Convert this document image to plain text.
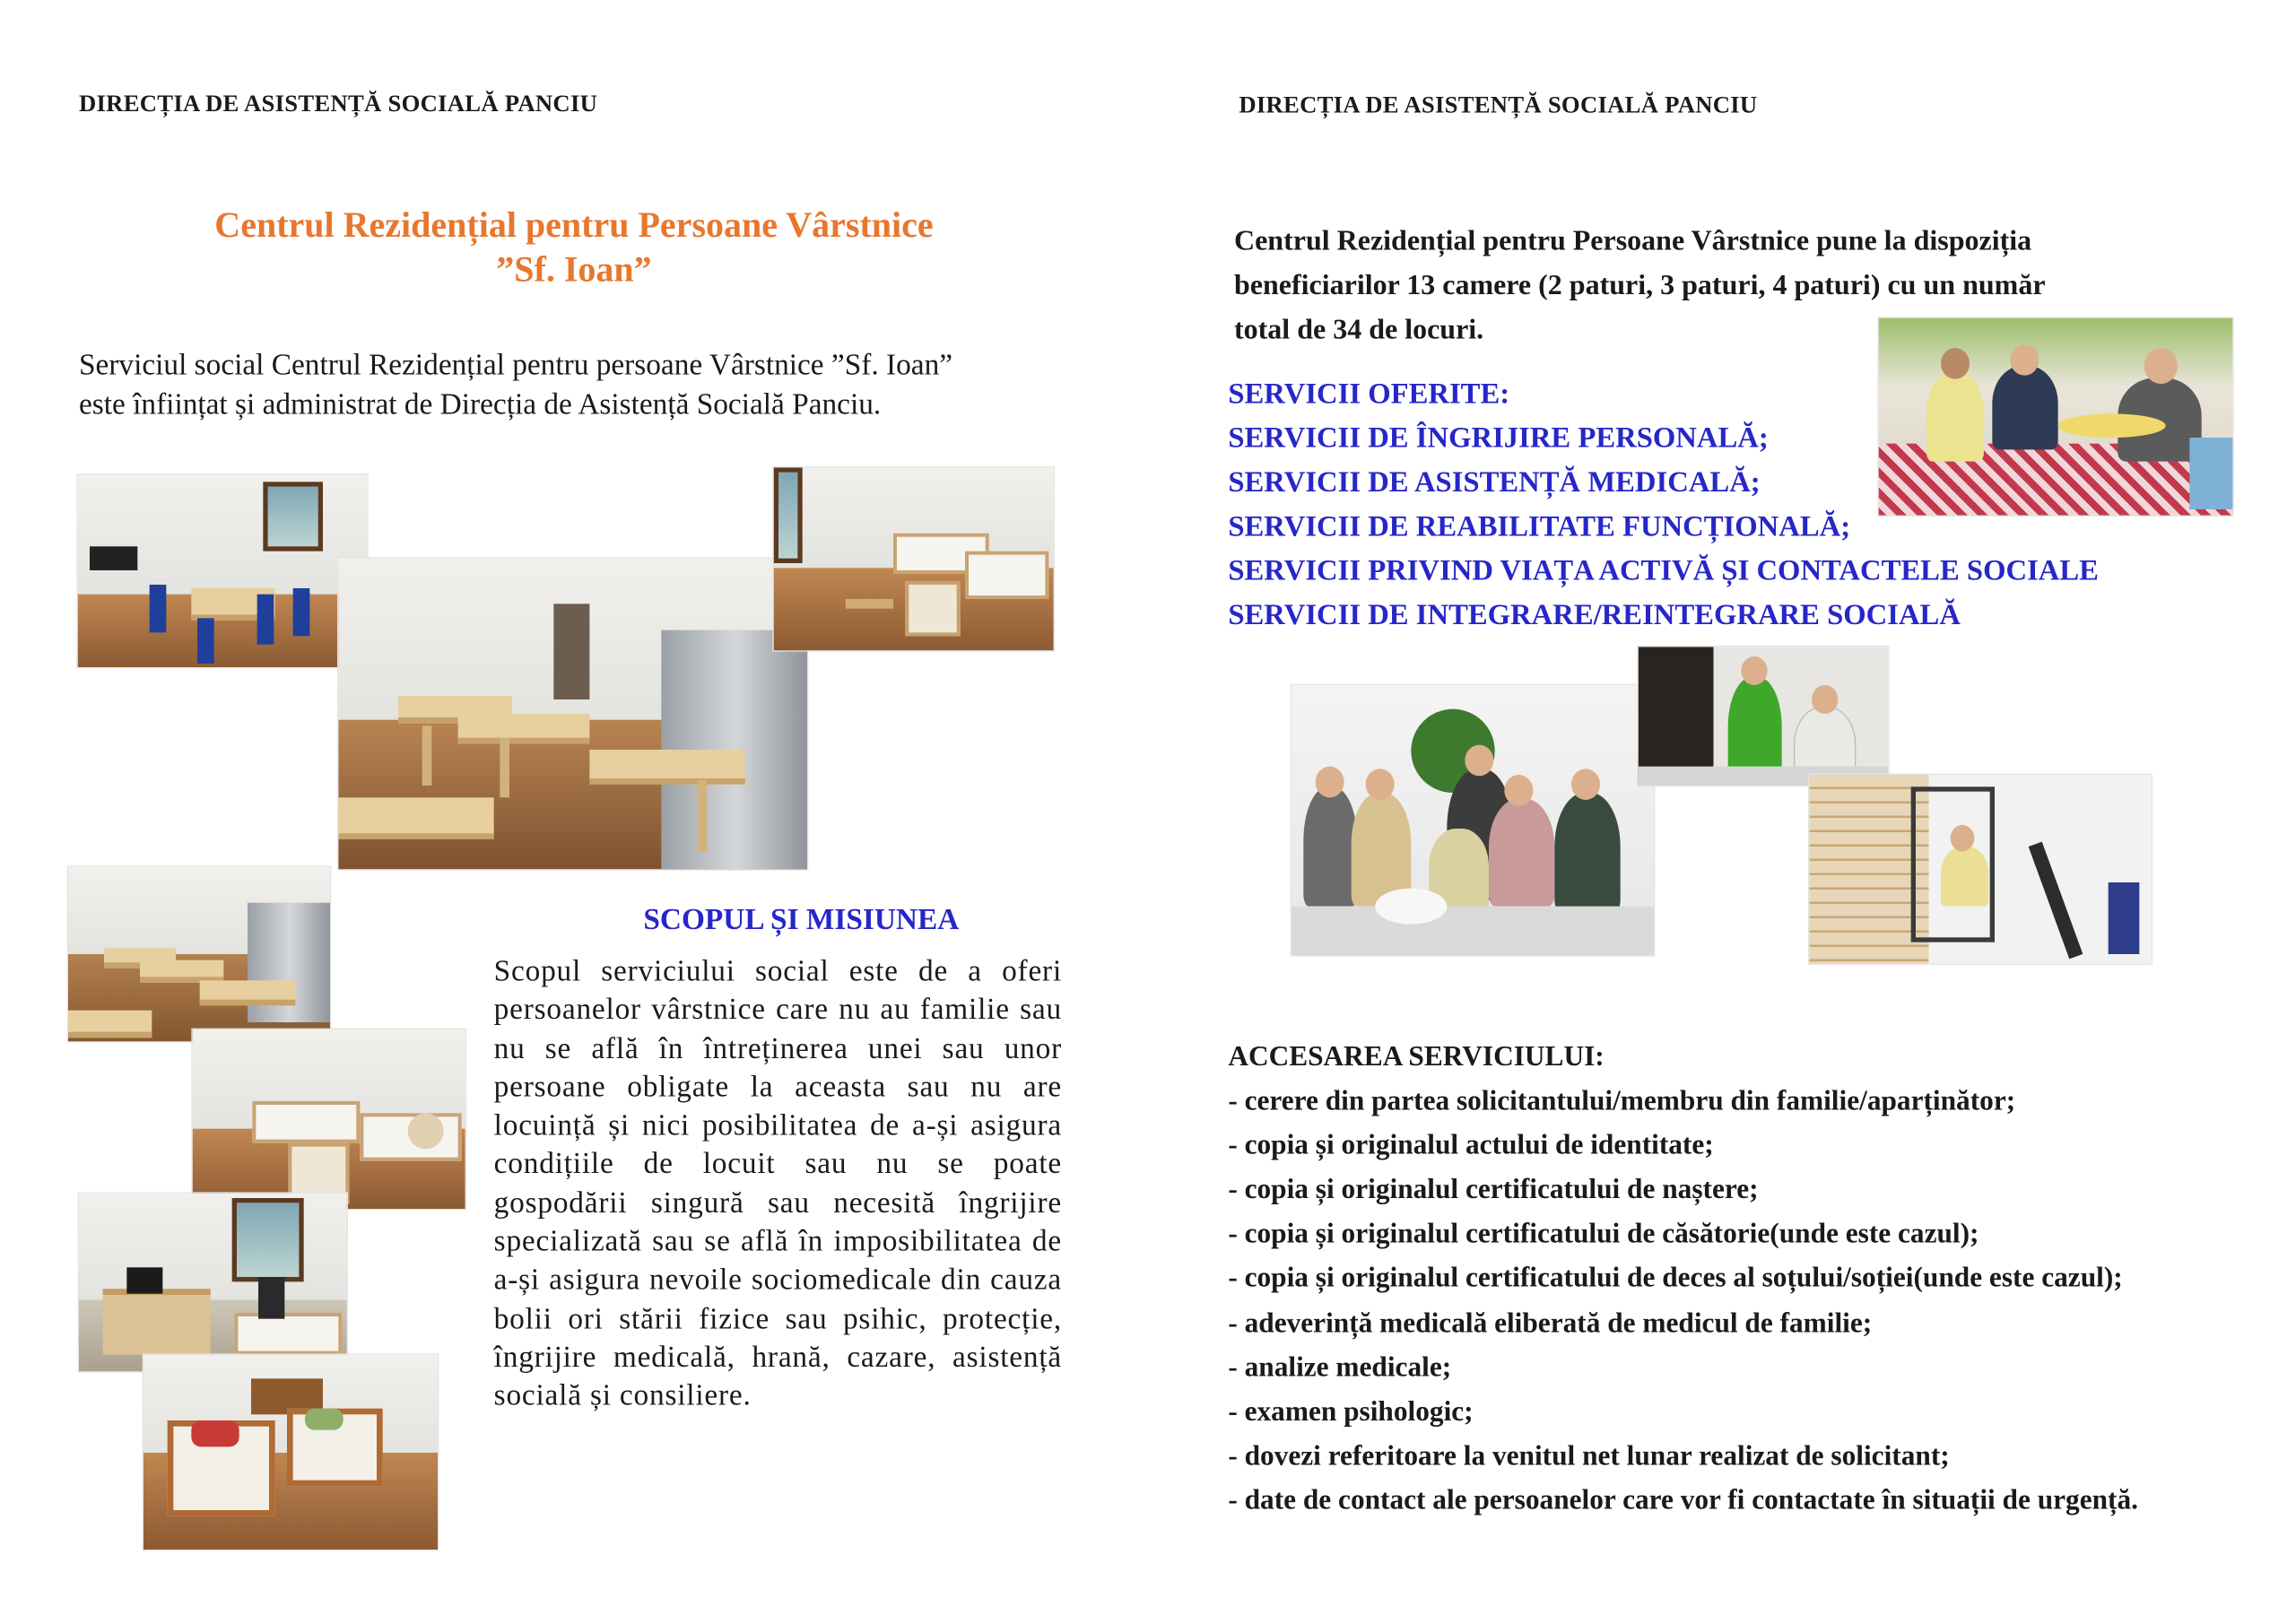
DIRECȚIA DE ASISTENȚĂ SOCIALĂ PANCIU
Centrul Rezidențial pentru Persoane Vârstnice
”Sf. Ioan”
Serviciul social Centrul Rezidențial pentru persoane Vârstnice ”Sf. Ioan”
este înființat și administrat de Direcția de Asistență Socială Panciu.
SCOPUL ȘI MISIUNEA
Scopul serviciului social este de a oferi persoanelor vârstnice care nu au familie sau nu se află în întreținerea unei sau unor persoane obligate la aceasta sau nu are locuință și nici posibilitatea de a-și asigura condițiile de locuit sau nu se poate gospodării singură sau necesită îngrijire specializată sau se află în imposibilitatea de a-și asigura nevoile sociomedicale din cauza bolii ori stării fizice sau psihic, protecție, îngrijire medicală, hrană, cazare, asistență socială și consiliere.
DIRECȚIA DE ASISTENȚĂ SOCIALĂ PANCIU
Centrul Rezidențial pentru Persoane Vârstnice pune la dispoziția
beneficiarilor 13 camere (2 paturi, 3 paturi, 4 paturi) cu un număr
total de 34 de locuri.
SERVICII OFERITE:
SERVICII DE ÎNGRIJIRE PERSONALĂ;
SERVICII DE ASISTENȚĂ MEDICALĂ;
SERVICII DE REABILITATE FUNCȚIONALĂ;
SERVICII PRIVIND VIAȚA ACTIVĂ ȘI CONTACTELE SOCIALE
SERVICII DE INTEGRARE/REINTEGRARE SOCIALĂ
ACCESAREA SERVICIULUI:
- cerere din partea solicitantului/membru din familie/aparținător;
- copia și originalul actului de identitate;
- copia și originalul certificatului de naștere;
- copia și originalul certificatului de căsătorie(unde este cazul);
- copia și originalul certificatului de deces al soțului/soției(unde este cazul);
- adeverință medicală eliberată de medicul de familie;
- analize medicale;
- examen psihologic;
- dovezi referitoare la venitul net lunar realizat de solicitant;
- date de contact ale persoanelor care vor fi contactate în situații de urgență.
